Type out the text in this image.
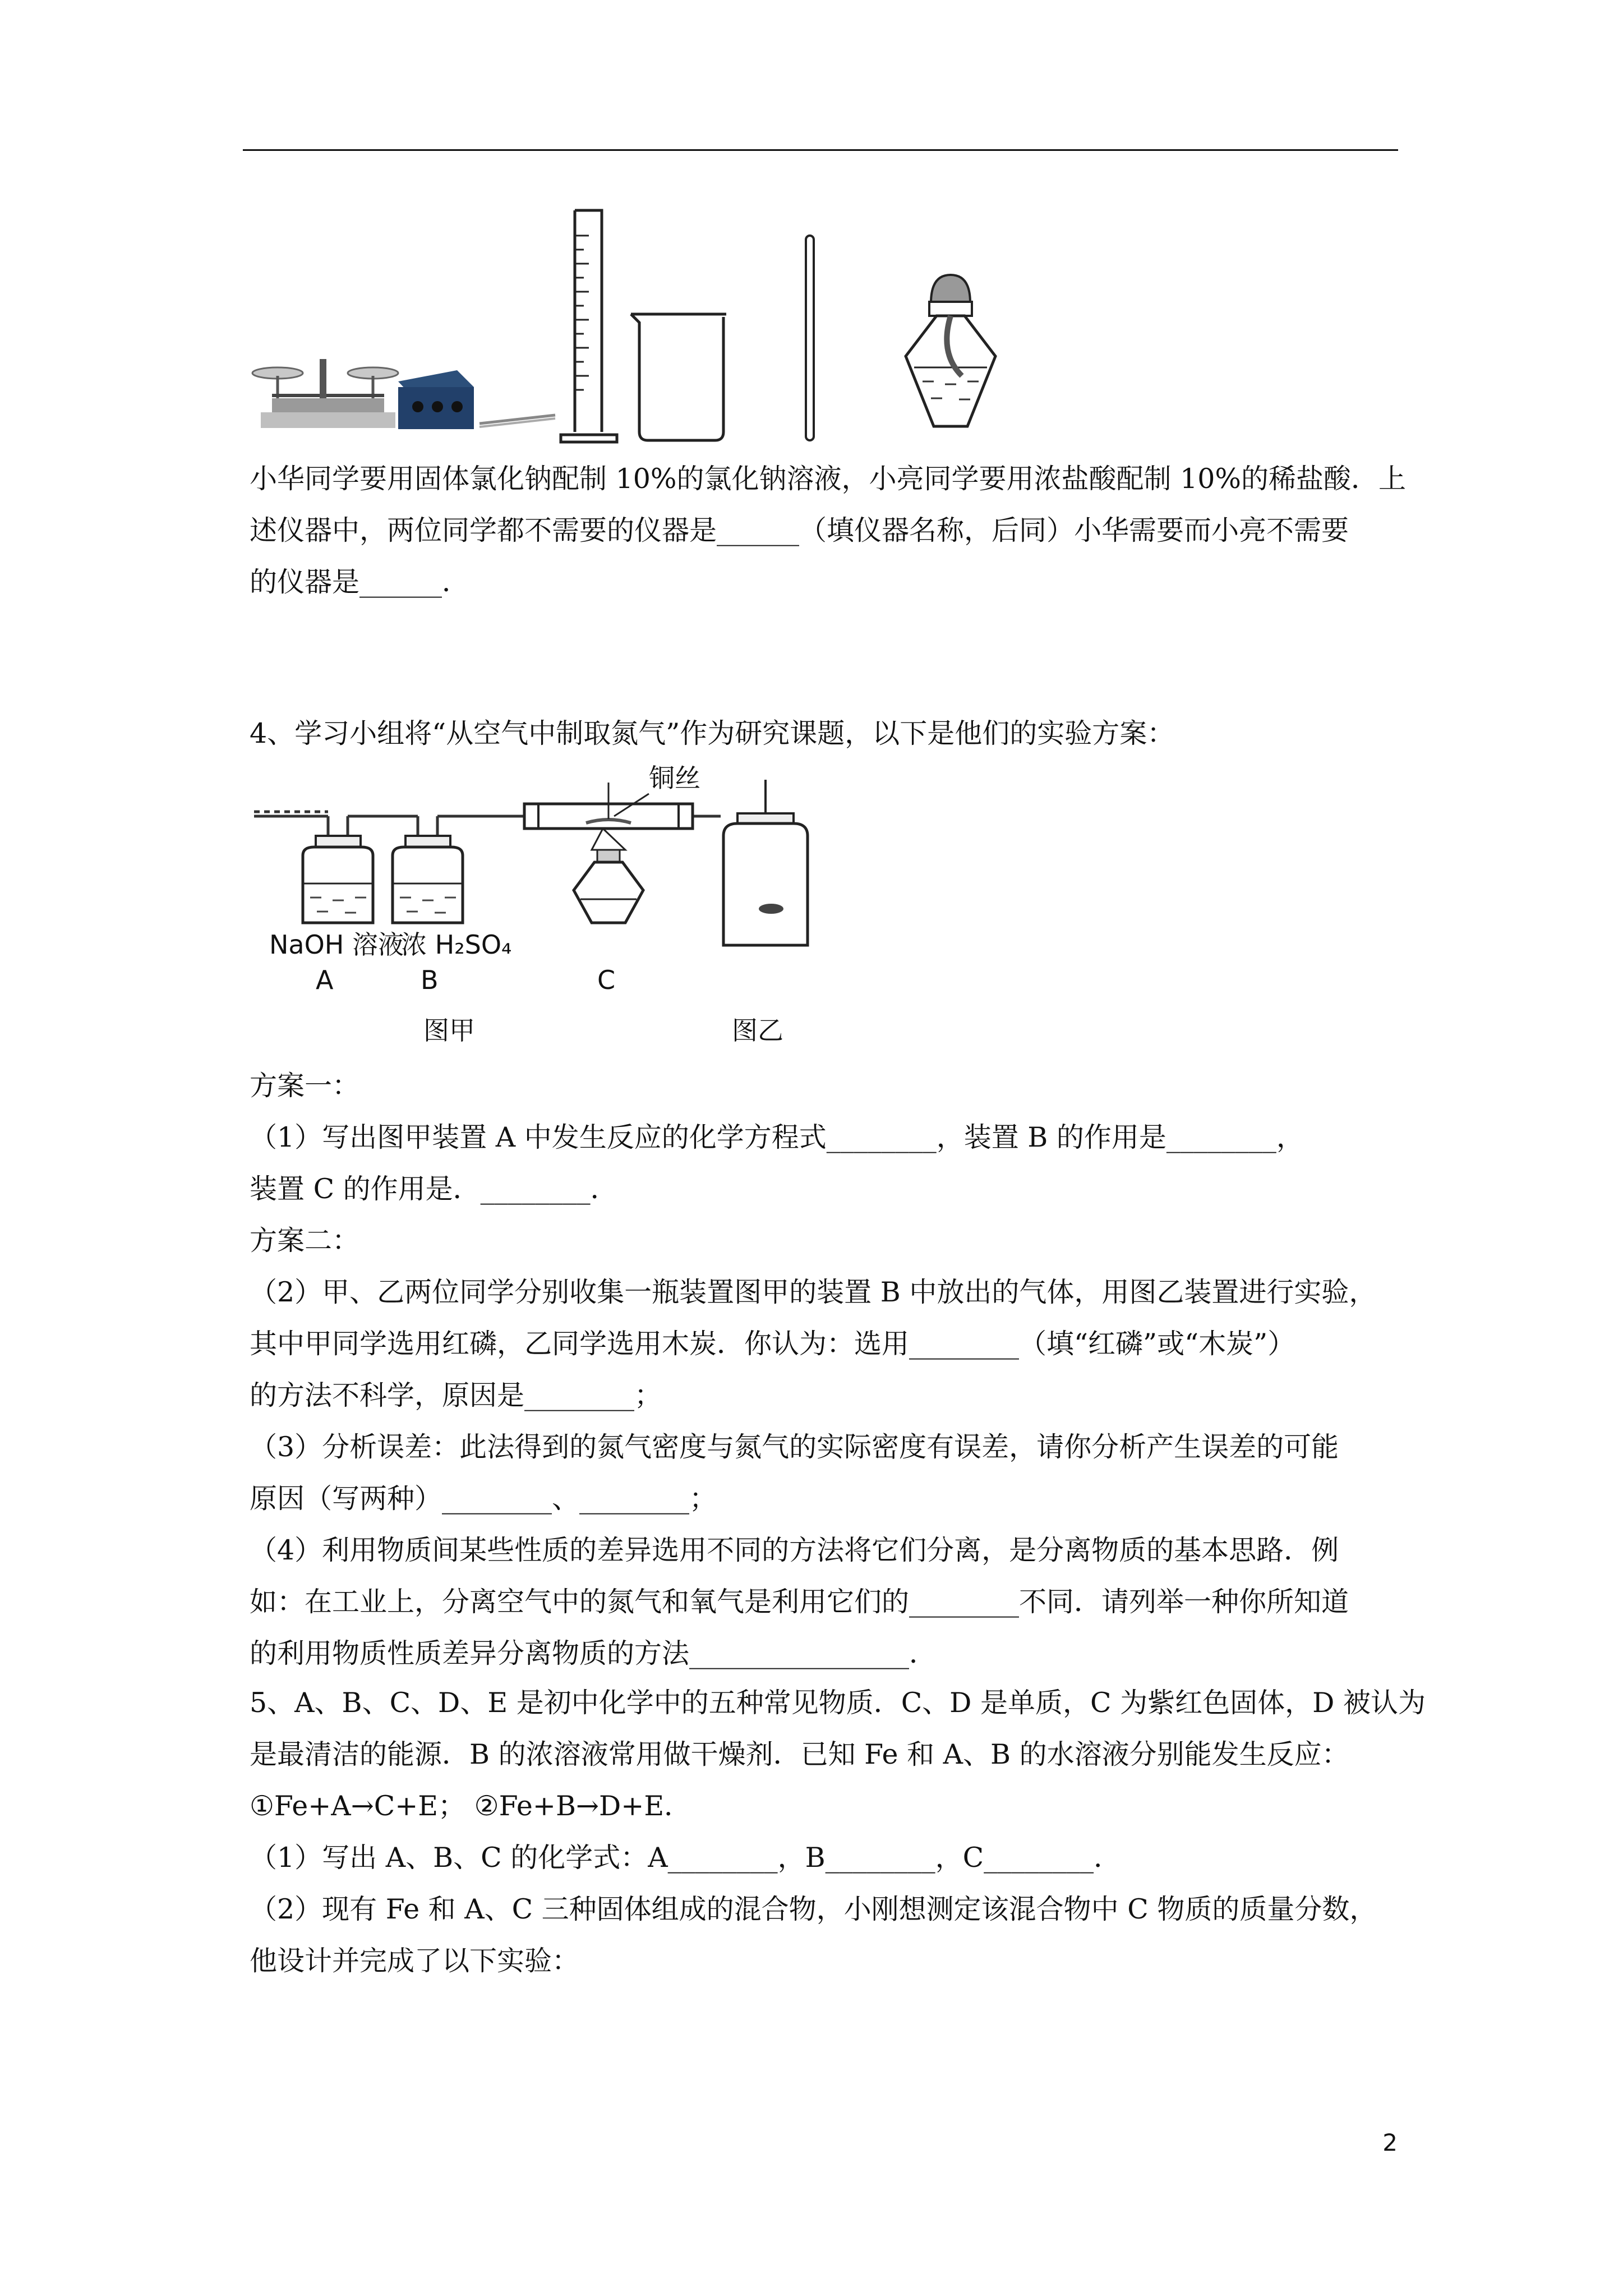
小华同学要用固体氯化钠配制 10%的氯化钠溶液，小亮同学要用浓盐酸配制 10%的稀盐酸．上
述仪器中，两位同学都不需要的仪器是______（填仪器名称，后同）小华需要而小亮不需要
的仪器是______．
4、学习小组将“从空气中制取氮气”作为研究课题，以下是他们的实验方案：
铜丝
NaOH 溶液
浓 H₂SO₄
A	B	C
图甲	图乙
方案一：
（1）写出图甲装置 A 中发生反应的化学方程式________，装置 B 的作用是________，
装置 C 的作用是．________．
方案二：
（2）甲、乙两位同学分别收集一瓶装置图甲的装置 B 中放出的气体，用图乙装置进行实验，
其中甲同学选用红磷，乙同学选用木炭．你认为：选用________（填“红磷”或“木炭”）
的方法不科学，原因是________；
（3）分析误差：此法得到的氮气密度与氮气的实际密度有误差，请你分析产生误差的可能
原因（写两种）________、________；
（4）利用物质间某些性质的差异选用不同的方法将它们分离，是分离物质的基本思路．例
如：在工业上，分离空气中的氮气和氧气是利用它们的________不同．请列举一种你所知道
的利用物质性质差异分离物质的方法________________．
5、A、B、C、D、E 是初中化学中的五种常见物质．C、D 是单质，C 为紫红色固体，D 被认为
是最清洁的能源．B 的浓溶液常用做干燥剂．已知 Fe 和 A、B 的水溶液分别能发生反应：
①Fe+A→C+E； ②Fe+B→D+E．
（1）写出 A、B、C 的化学式：A________，B________，C________．
（2）现有 Fe 和 A、C 三种固体组成的混合物，小刚想测定该混合物中 C 物质的质量分数，
他设计并完成了以下实验：
2
